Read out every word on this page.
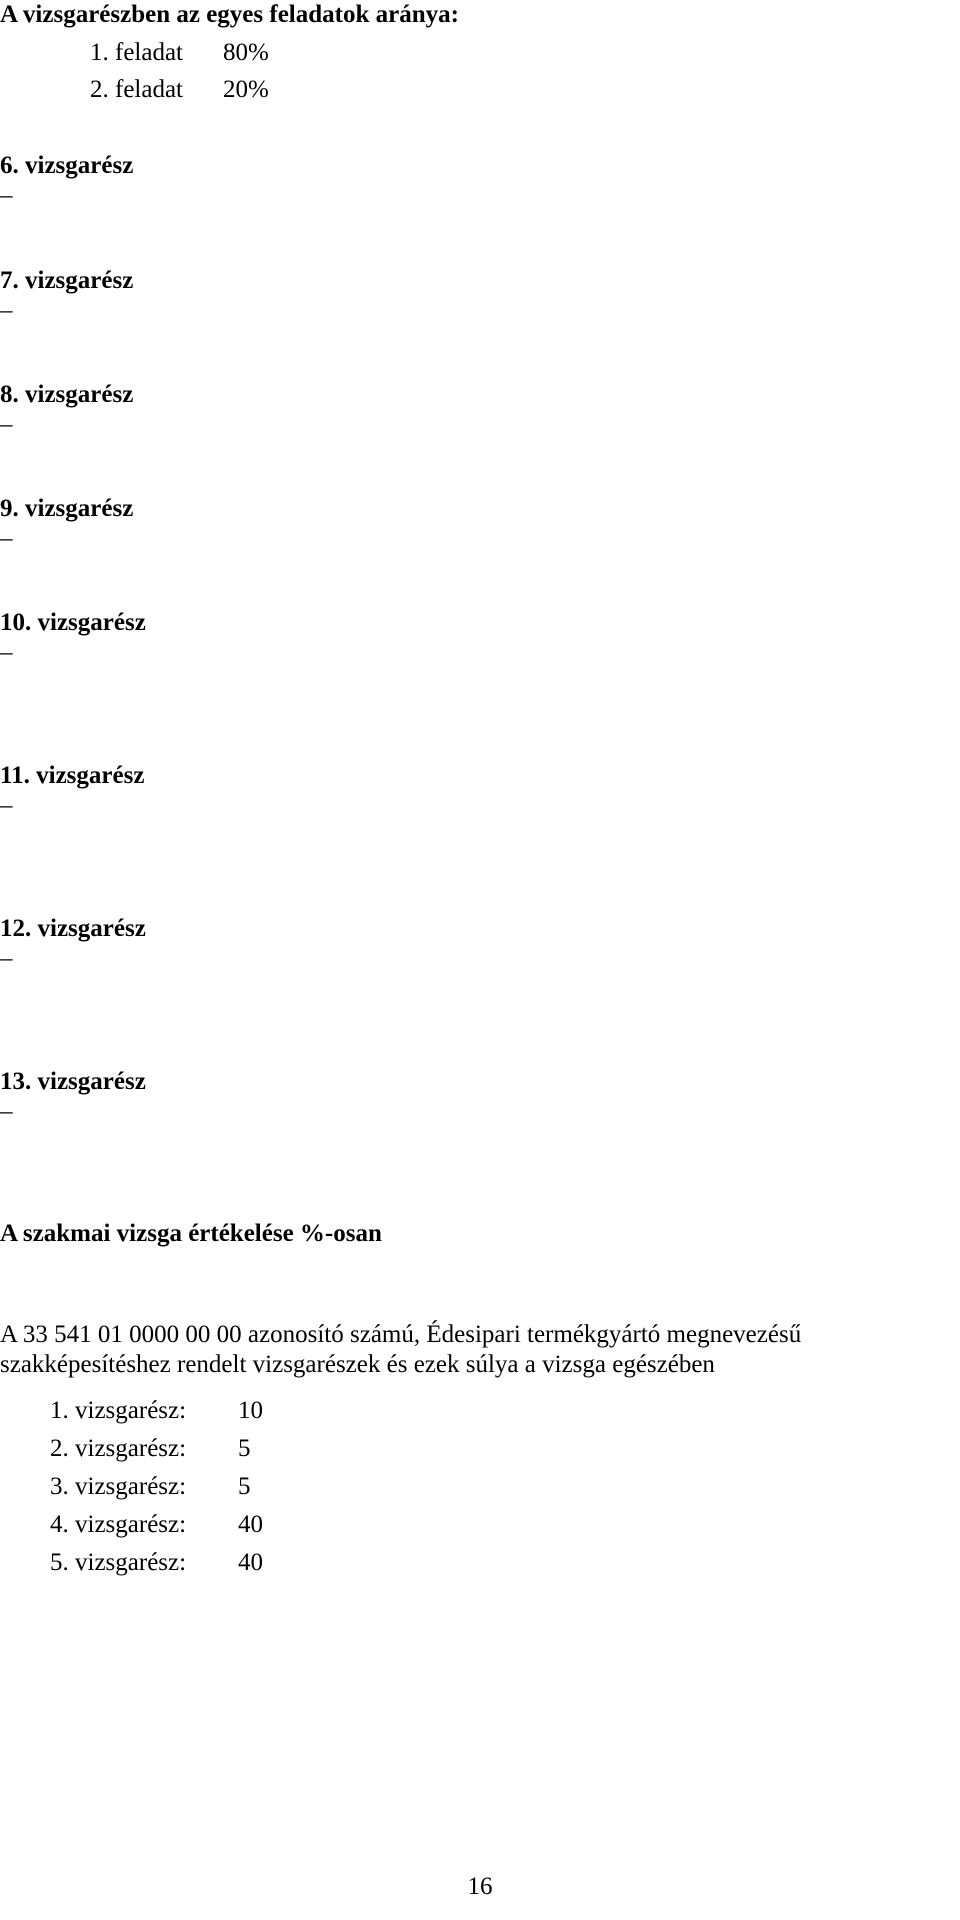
A vizsgarészben az egyes feladatok aránya:
1. feladat 80%
2. feladat 20%
6. vizsgarész
–
7. vizsgarész
–
8. vizsgarész
–
9. vizsgarész
–
10. vizsgarész
–
11. vizsgarész
–
12. vizsgarész
–
13. vizsgarész
–
A szakmai vizsga értékelése %-osan
A 33 541 01 0000 00 00 azonosító számú, Édesipari termékgyártó megnevezésű
szakképesítéshez rendelt vizsgarészek és ezek súlya a vizsga egészében
1. vizsgarész: 10
2. vizsgarész: 5
3. vizsgarész: 5
4. vizsgarész: 40
5. vizsgarész: 40
16
